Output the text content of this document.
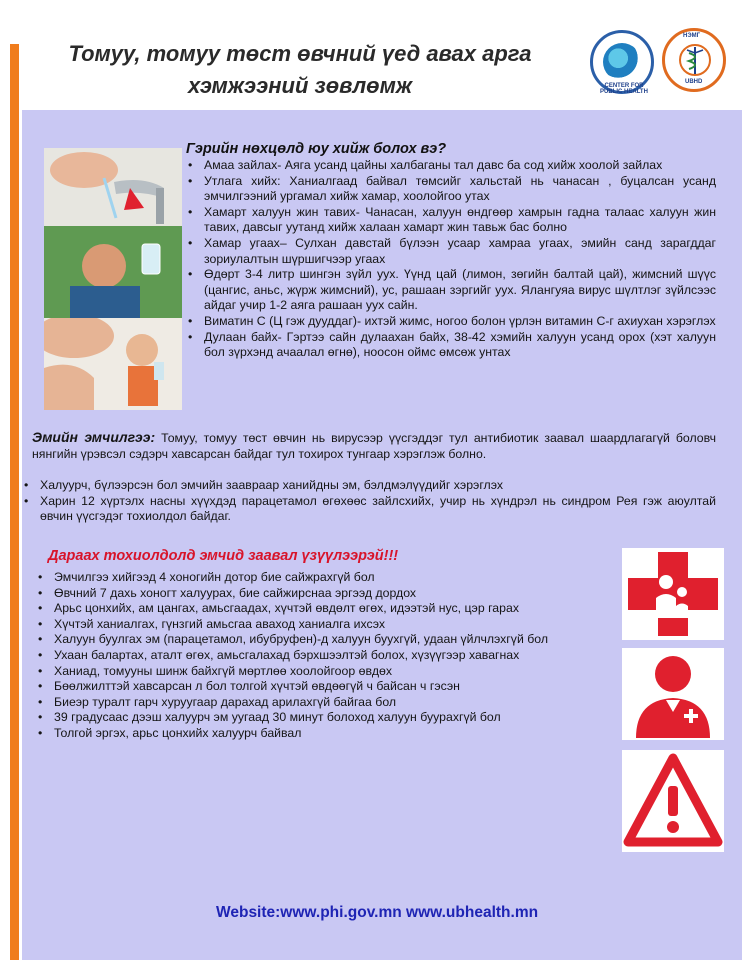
Томуу, томуу төст өвчний үед авах арга
хэмжээний зөвлөмж	CENTER FOR PUBLIC HEALTH
НЭМГ
UBHD
Гэрийн нөхцөлд юу хийж болох вэ?
• Амаа зайлах- Аяга усанд цайны халбаганы тал давс ба сод хийж хоолой зайлах
• Утлага хийх: Ханиалгаад байвал төмсийг хальстай нь чанасан , буцалсан усанд эмчилгээний ургамал хийж хамар, хоолойгоо утах
• Хамарт халуун жин тавих- Чанасан, халуун өндгөөр хамрын гадна талаас халуун жин тавих, давсыг уутанд хийж халаан хамарт жин тавьж бас болно
• Хамар угаах– Сулхан давстай бүлээн усаар хамраа угаах, эмийн санд зарагддаг зориулалтын шүршигчээр угаах
• Өдөрт 3-4 литр шингэн зүйл уух. Үүнд цай (лимон, зөгийн балтай цай), жимсний шүүс (цангис, аньс, жүрж жимсний), ус, рашаан зэргийг уух. Ялангуяа вирус шүлтлэг зүйлсээс айдаг учир 1-2 аяга рашаан уух сайн.
• Виматин С (Ц гэж дууддаг)- ихтэй жимс, ногоо болон үрлэн витамин С-г ахиухан хэрэглэх
• Дулаан байх- Гэртээ сайн дулаахан байх, 38-42 хэмийн халуун усанд орох (хэт халуун бол зүрхэнд ачаалал өгнө), ноосон оймс өмсөж унтах
Эмийн эмчилгээ: Томуу, томуу төст өвчин нь вирусээр үүсгэддэг тул антибиотик заавал шаардлагагүй боловч нянгийн үрэвсэл сэдэрч хавсарсан байдаг тул тохирох тунгаар хэрэглэж болно.
• Халуурч, бүлээрсэн бол эмчийн зааврааp ханийдны эм, бэлдмэлүүдийг хэрэглэх
• Харин 12 хүртэлх насны хүүхдэд парацетамол өгөхөөс зайлсхийх, учир нь хүндрэл нь синдром Рея гэж аюултай өвчин үүсгэдэг тохиолдол байдаг.
Дараах тохиолдолд эмчид заавал үзүүлээрэй!!!
• Эмчилгээ хийгээд 4 хоногийн дотор бие сайжрахгүй бол
• Өвчний 7 дахь хоногт халуурах, бие сайжирснаа эргээд дордох
• Арьс цонхийх, ам цангах, амьсгаадах, хүчтэй өвдөлт өгөх, идээтэй нус, цэр гарах
• Хүчтэй ханиалгах, гүнзгий амьсгаа аваход ханиалга ихсэх
• Халуун буулгах эм (парацетамол, ибубруфен)-д халуун буухгүй, удаан үйлчлэхгүй бол
• Ухаан балартах, аталт өгөх, амьсгалахад бэрхшээлтэй болох, хүзүүгээр хавагнах
• Ханиад, томууны шинж байхгүй мөртлөө хоолойгоор өвдөх
• Бөөлжилттэй хавсарсан л бол толгой хүчтэй өвдөөгүй ч байсан ч гэсэн
• Биеэр туралт гарч хуруугаар дарахад арилахгүй байгаа бол
• 39 градусаас дээш халуурч эм уугаад 30 минут болоход халуун буурахгүй бол
• Толгой эргэх, арьс цонхийх халуурч байвал
Website:www.phi.gov.mn www.ubhealth.mn
